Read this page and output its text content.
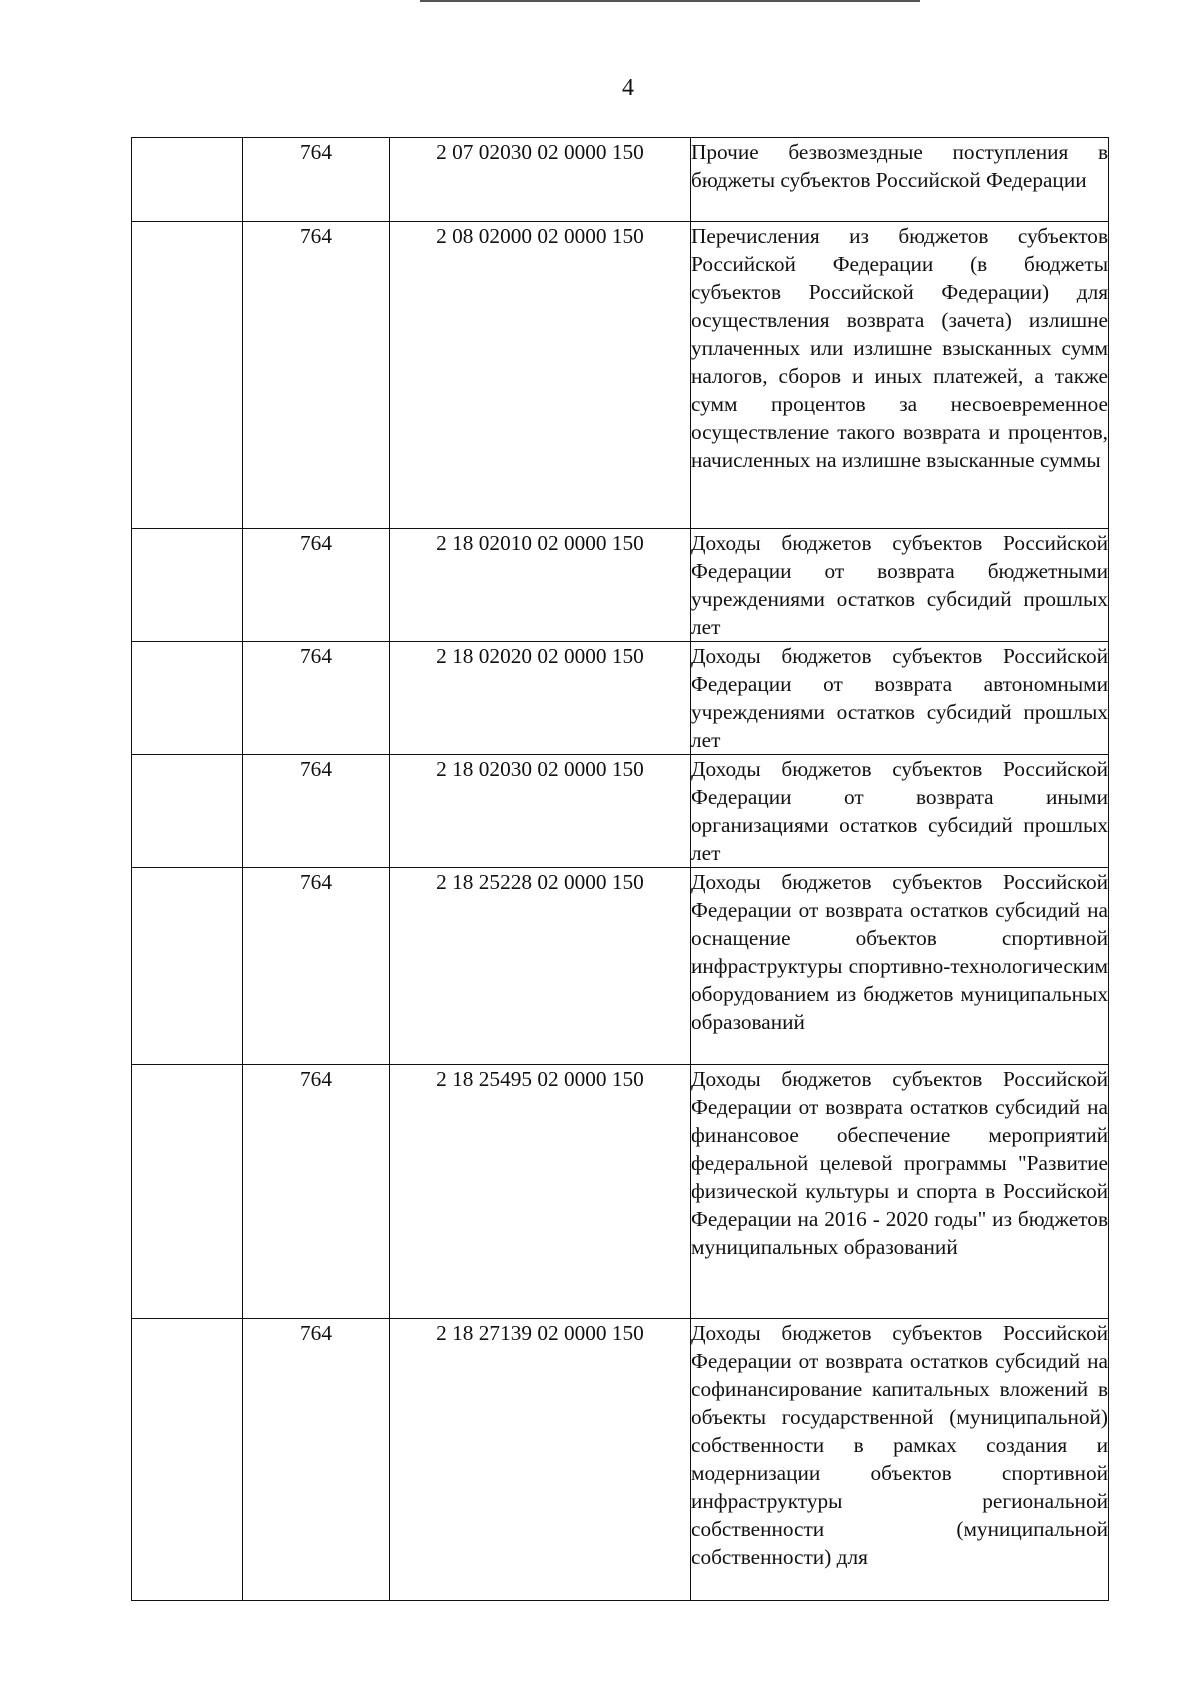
4
	764	2 07 02030 02 0000 150	Прочие безвозмездные поступления в бюджеты субъектов Российской Федерации
	764	2 08 02000 02 0000 150	Перечисления из бюджетов субъектов Российской Федерации (в бюджеты субъектов Российской Федерации) для осуществления возврата (зачета) излишне уплаченных или излишне взысканных сумм налогов, сборов и иных платежей, а также сумм процентов за несвоевременное осуществление такого возврата и процентов, начисленных на излишне взысканные суммы
	764	2 18 02010 02 0000 150	Доходы бюджетов субъектов Российской Федерации от возврата бюджетными учреждениями остатков субсидий прошлых лет
	764	2 18 02020 02 0000 150	Доходы бюджетов субъектов Российской Федерации от возврата автономными учреждениями остатков субсидий прошлых лет
	764	2 18 02030 02 0000 150	Доходы бюджетов субъектов Российской Федерации от возврата иными организациями остатков субсидий прошлых лет
	764	2 18 25228 02 0000 150	Доходы бюджетов субъектов Российской Федерации от возврата остатков субсидий на оснащение объектов спортивной инфраструктуры спортивно-технологическим оборудованием из бюджетов муниципальных образований
	764	2 18 25495 02 0000 150	Доходы бюджетов субъектов Российской Федерации от возврата остатков субсидий на финансовое обеспечение мероприятий федеральной целевой программы "Развитие физической культуры и спорта в Российской Федерации на 2016 - 2020 годы" из бюджетов муниципальных образований
	764	2 18 27139 02 0000 150	Доходы бюджетов субъектов Российской Федерации от возврата остатков субсидий на софинансирование капитальных вложений в объекты государственной (муниципальной) собственности в рамках создания и модернизации объектов спортивной инфраструктуры региональной собственности (муниципальной собственности) для
